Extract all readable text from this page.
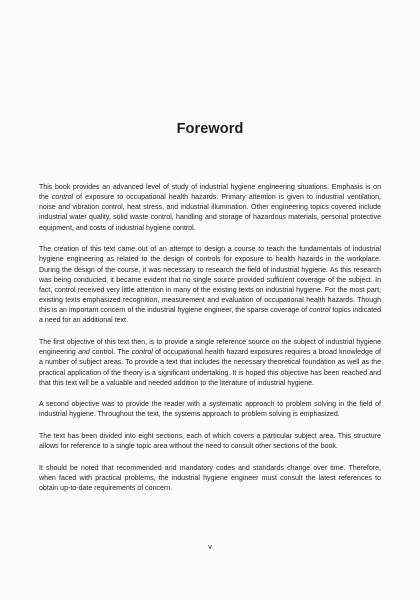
Foreword

This book provides an advanced level of study of industrial hygiene engineering situations. Emphasis is on the control of exposure to occupational health hazards. Primary attention is given to industrial ventilation, noise and vibration control, heat stress, and industrial illumination. Other engineering topics covered include industrial water quality, solid waste control, handling and storage of hazardous materials, personal protective equipment, and costs of industrial hygiene control.

The creation of this text came out of an attempt to design a course to teach the fundamentals of industrial hygiene engineering as related to the design of controls for exposure to health hazards in the workplace. During the design of the course, it was necessary to research the field of industrial hygiene. As this research was being conducted, it became evident that no single source provided sufficient coverage of the subject. In fact, control received very little attention in many of the existing texts on industrial hygiene. For the most part, existing texts emphasized recognition, measurement and evaluation of occupational health hazards. Though this is an important concern of the industrial hygiene engineer, the sparse coverage of control topics indicated a need for an additional text.

The first objective of this text then, is to provide a single reference source on the subject of industrial hygiene engineering and control. The control of occupational health hazard exposures requires a broad knowledge of a number of subject areas. To provide a text that includes the necessary theoretical foundation as well as the practical application of the theory is a significant undertaking. It is hoped this objective has been reached and that this text will be a valuable and needed addition to the literature of industrial hygiene.

A second objective was to provide the reader with a systematic approach to problem solving in the field of industrial hygiene. Throughout the text, the systems approach to problem solving is emphasized.

The text has been divided into eight sections, each of which covers a particular subject area. This structure allows for reference to a single topic area without the need to consult other sections of the book.

It should be noted that recommended and mandatory codes and standards change over time. Therefore, when faced with practical problems, the industrial hygiene engineer must consult the latest references to obtain up-to-date requirements of concern.

v
